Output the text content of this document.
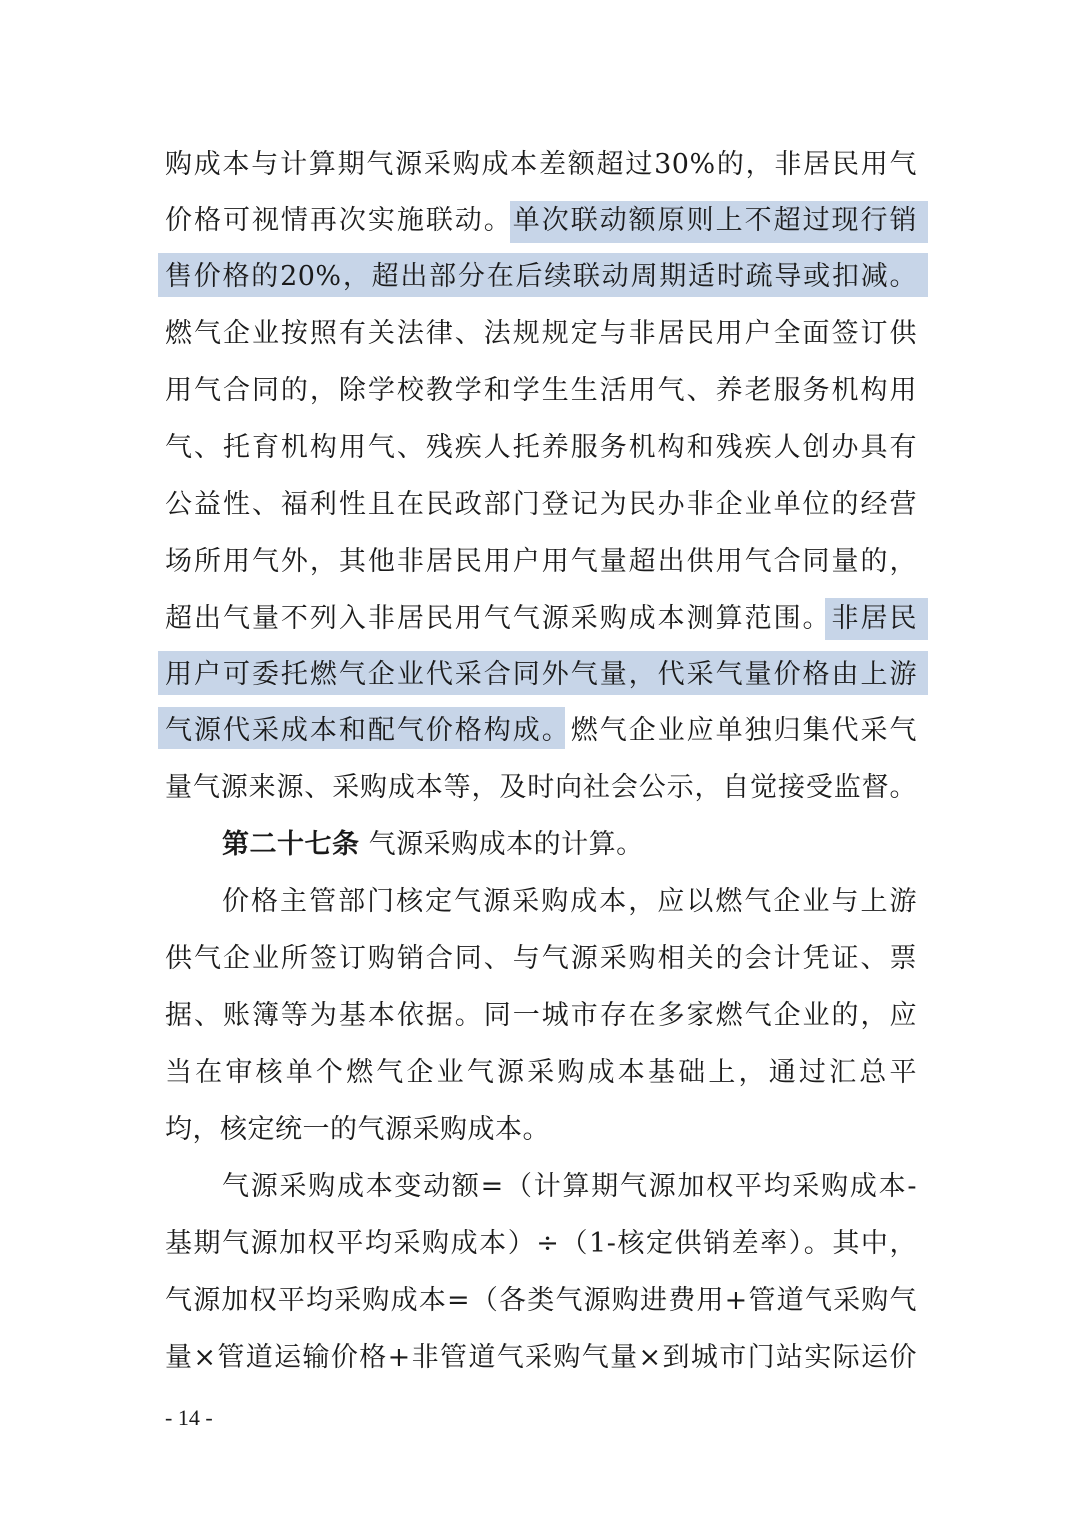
购成本与计算期气源采购成本差额超过30%的，非居民用气
价格可视情再次实施联动。单次联动额原则上不超过现行销
售价格的20%，超出部分在后续联动周期适时疏导或扣减。
燃气企业按照有关法律、法规规定与非居民用户全面签订供
用气合同的，除学校教学和学生生活用气、养老服务机构用
气、托育机构用气、残疾人托养服务机构和残疾人创办具有
公益性、福利性且在民政部门登记为民办非企业单位的经营
场所用气外，其他非居民用户用气量超出供用气合同量的，
超出气量不列入非居民用气气源采购成本测算范围。非居民
用户可委托燃气企业代采合同外气量，代采气量价格由上游
气源代采成本和配气价格构成。燃气企业应单独归集代采气
量气源来源、采购成本等，及时向社会公示，自觉接受监督。
第二十七条 气源采购成本的计算。
价格主管部门核定气源采购成本，应以燃气企业与上游
供气企业所签订购销合同、与气源采购相关的会计凭证、票
据、账簿等为基本依据。同一城市存在多家燃气企业的，应
当在审核单个燃气企业气源采购成本基础上，通过汇总平
均，核定统一的气源采购成本。
气源采购成本变动额=（计算期气源加权平均采购成本-
基期气源加权平均采购成本）÷（1-核定供销差率）。其中，
气源加权平均采购成本=（各类气源购进费用+管道气采购气
量×管道运输价格+非管道气采购气量×到城市门站实际运价
- 14 -
